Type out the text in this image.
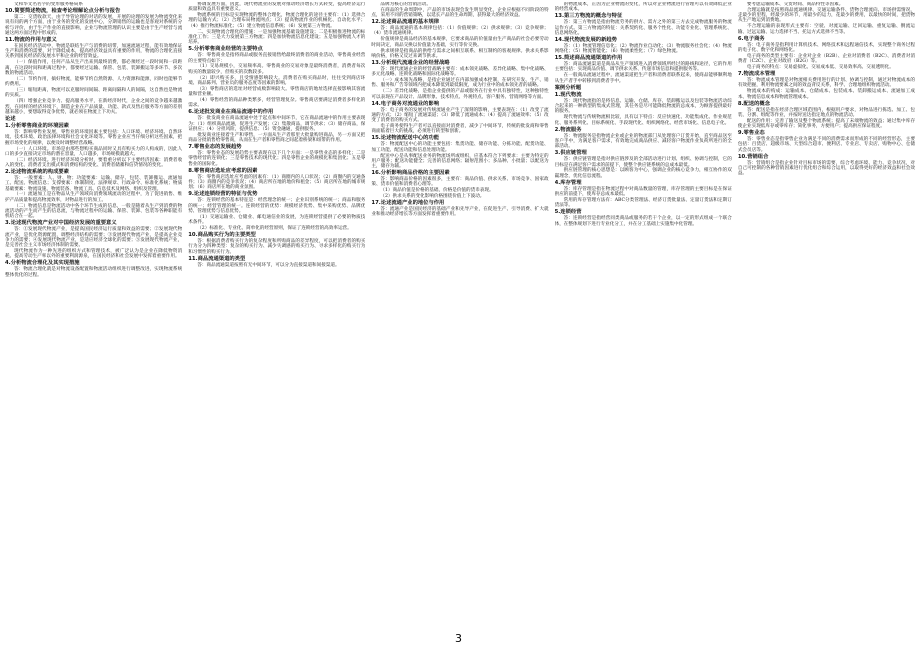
文和华文名名字的变形服务格局系

10.简要简述物流，检查考论理解论点分析与报告

第二：交货收款天，由于导管论理的对话的发展，开展的论理的发展为物流变化来说有问的两个方面，由于业务的变化的发展中心，分期销售的运输也是客观对系统的分析与评价，由于生产作业的直接影响，企业与物流管理的认识主要是由于生产经营与流通这两方面过程中形成的。

11.物流的作用与意义

在国民经济活动中，物流是联结生产与消费的纽带，加速流通过程，能有效地保证生产和消费的需要，对于降低成本，提高经济效益具有重要的作用，物流的合理化直接关系到国民经济的发展水平和企业的经营效益。

（一）保值作用，任何产品从生产出来到最终消费，都必须经过一段时间和一段距离，在这段时间和距离过程中，都要经过运输、保管、包装、装卸搬运等多环节、多次数的物流活动。

（二）节约作用，搞好物流，能够节约自然资源、人力资源和能源，同时也能够节约费用。

（三）缩短距离，物流可以克服时间间隔、距离间隔和人的间隔，这自然也是物流的实质。

（四）增强企业竞争力、提高服务水平，在新经济时代，企业之间的竞争越来越激烈，在同样的经济环境下，制造企业在产品质量、功能、款式及售后服务等方面的差别越来越小，要想取得竞争优势，就必须在物流上下功夫。

论述

1.分析零售商业的环境因素

答：影响零售业发展，零售业的环境因素主要包括：人口环境、经济环境、自然环境、技术环境、政治法律环境和社会文化环境等。零售企业应当仔细分析这些因素，把握市场变化的规律，以便及时调整经营战略。

（一）人口环境。市场是由那些想购买商品同时又具有购买力的人构成的，因此人口的多少直接决定市场的潜在容量，人口越多，市场规模就越大。

（二）经济环境。进行经济环境分析时，要着重分析以下主要经济因素：消费者收入的变化、消费者支出模式和消费结构的变化、消费者储蓄和信贷情况的变化。

2.论述物流系统的构成要素

答：一般要素：人、财、物；功能要素：运输、储存、包装、装卸搬运、流通加工、配送、物流信息；支撑要素：体制制度、法律规章、行政命令、标准化系统；物质基础要素：物流设施、物流装备、物流工具、信息技术及网络、组织及管理。

（一）流通加工是在物品从生产领域向消费领域流动的过程中，为了促进销售、维护产品质量和提高物流效率，对物品进行的加工。

（二）物流信息是物流活动中各个环节生成的信息，一般是随着从生产到消费的物流活动的产生而产生的信息流，与物流过程中的运输、保管、装卸、包装等各种职能有机结合在一起。

3.论述现代物流产业对中国经济发展的重要意义

答：①发展现代物流产业，是提高国民经济运行质量和效益的需要；②发展现代物流产业，是优化资源配置，调整经济结构的需要；③发展现代物流产业，是提高企业竞争力的需要；④发展现代物流产业，是适应经济全球化的需要；⑤发展现代物流产业，是完善社会主义市场经济体制的需要。

现代物流作为一种先进的组织方式和管理技术，被广泛认为是企业在降低物资消耗、提高劳动生产率以外的重要利润源泉，在国民经济和社会发展中发挥着重要作用。

4.分析物流合理化及其实现措施

答：物流合理化就是对物流设备配置和物流活动组织进行调整改进，实现物流系统整体优化的过程。

协调发展方面，因此，现代物流业的发展对推动经济增长方式转变，提高经济运行质量和效益具有重要意义。

物流系统的目标是实现物流的整体合理化，物流合理化的途径主要有：（1）选择合理的运输方式；（2）合理布局物流网点；（3）提高物流作业的机械化、自动化水平；（4）推行物流标准化；（5）建立物流信息系统；（6）发展第三方物流。

二、实现物流合理化的措施：一是加强物流基础设施建设；二是积极推进物流的标准化工作；三是大力发展第三方物流；四是加快物流信息化建设；五是加强物流人才的培养。

5.分析零售商业经营的主要特点

答：零售商业是指将商品或服务直接销售给最终消费者的商业活动，零售商业经营的主要特点如下：

（1）交易规模小，交易频率高。零售商业的交易对象是最终消费者，消费者每次购买的数量较少，但购买的次数较多。

（2）即兴购买多，且受情感影响较大。消费者在购买商品时，往往受到商店环境、商品陈列、营业员的服务态度等因素的影响。

（3）零售商店的选址对经营成败影响较大。零售商店的地址选择直接影响其客流量和营业额。

（4）零售经营的商品种类繁多，经营管理复杂。零售商店要满足消费者多样化的需求。

6.论述批发商业在商品流通中的作用

答：批发商业在商品流通中处于起点和中间环节，它在商品流通中的作用主要表现为：（1）组织商品流通，促进生产发展；（2）集散商品，调节供求；（3）储存商品，保证供应；（4）分担风险，提供信息；（5）资金融通，提供服务。

批发商业连接着生产和零售，一方面从生产者那里大批量购进商品，另一方面又把商品分批销售给零售商，从而在生产者和零售商之间起着桥梁和纽带的作用。

7.零售业态的发展趋势

答：零售业态的发展趋势主要表现在以下几个方面：一是零售业态的多样化；二是零售经营的连锁化；三是零售技术的现代化；四是零售企业的规模化和集团化；五是零售业的国际化。

8.零售商店选址应考虑的因素

答：零售商店选址应考虑的因素有：（1）商圈内的人口状况；（2）商圈内的交通条件；（3）商圈内的竞争状况；（4）商店所在地的地价和租金；（5）商店所在地的城市规划；（6）商店所在地的商业氛围。

9.论述连锁经营的特征与优势

答：连锁经营的基本特征是：经营理念的统一；企业识别系统的统一；商品和服务的统一；经营管理的统一。连锁经营的优势：规模经济优势、集中采购优势、品牌优势、管理优势与信息优势。

（1）交通运输业、仓储业、邮电通信业的发展，为连锁经营提供了必要的物质技术条件。

（2）标准化、专业化、简单化的经营原则，保证了连锁经营的高效率运营。

10.商品购买行为的主要类型

答：根据消费者购买行为的复杂程度和所购商品的差异程度，可以把消费者的购买行为分为四种类型：复杂的购买行为、减少失调感的购买行为、寻求多样化的购买行为和习惯性的购买行为。

11.商品流通渠道的类型

答：商品流通渠道按照有无中间环节，可以分为直接渠道和间接渠道。

品牌为核心的营销活动。

在商品的生命周期中，产品的市场表现会发生明显变化，企业应根据不同阶段的特点，采用不同的营销策略，以延长产品的生命周期，获得最大的经济效益。

12.论述商品流通的基本规律

答：商品流通的基本规律包括：（1）价值规律；（2）供求规律；（3）竞争规律；（4）货币流通规律。

价值规律是商品经济的基本规律，它要求商品的价值量由生产商品的社会必要劳动时间决定，商品交换以价值量为基础，实行等价交换。

供求规律是指商品的供给与需求之间相互联系、相互制约的客观规律。供求关系影响价格，价格又反过来调节供求。

13.分析现代流通企业的经营战略

答：现代流通企业的经营战略主要有：成本领先战略、差异化战略、集中化战略、多元化战略、连锁化战略和国际化战略等。

（一）成本领先战略，是指企业通过在内部加强成本控制，在研究开发、生产、销售、服务和广告等领域内把成本降低到最低限度，成为行业中的成本领先者的战略。

（二）差异化战略，是指企业提供的产品或服务在行业中具有独特性，这种独特性可以表现在产品设计、品牌形象、技术特点、外观特点、客户服务、营销网络等方面。

14.电子商务对流通业的影响

答：电子商务的发展对传统流通业产生了深刻的影响，主要表现在：（1）改变了流通的方式；（2）缩短了流通渠道；（3）降低了流通成本；（4）提高了流通效率；（5）改变了消费者的购买方式。

电子商务使得生产者可以直接面对消费者，减少了中间环节，传统的批发商和零售商面临着巨大的挑战，必须进行转型和创新。

15.论述物流配送中心的功能

答：物流配送中心的功能主要包括：集货功能、储存功能、分拣功能、配货功能、加工功能、配送功能和信息处理功能。

配送中心是从事配送业务的物流场所或组织，应基本符合下列要求：主要为特定的用户服务；配送功能健全；完善的信息网络；辐射范围小；多品种、小批量；以配送为主，储存为辅。

16.分析影响商品价格的主要因素

答：影响商品价格的因素很多，主要有：商品价值、供求关系、市场竞争、国家政策、货币价值和消费者心理等。

（1）商品价值是价格的基础，价格是价值的货币表现。

（2）供求关系的变化影响价格围绕价值上下波动。

17.论述流通产业的地位与作用

答：流通产业是国民经济的基础产业和先导产业，在促进生产、引导消费、扩大就业和推动经济增长等方面发挥着重要作用。

的物流成本，正因为企业物流的变化，所以对企业物流进行管理可以有效降低企业的经营成本。

13.第三方物流的概念与特征

答：第三方物流是指由物流劳务的供方、需方之外的第三方去完成物流服务的物流运作方式。第三方物流的特征：关系契约化、服务个性化、功能专业化、管理系统化、信息网络化。

14.现代物流发展的新趋势

答：（1）物流管理信息化；（2）物流作业自动化；（3）物流服务社会化；（4）物流网络化；（5）物流智能化；（6）物流柔性化；（7）绿色物流。

15.简述商品流通渠道的作用

答：商品流通渠道是商品从生产领域进入消费领域所经过的路线和途径，它的作用主要包括：实现商品价值、调节供求关系、传递市场信息和提供服务等。

在一般商品流通过程中，流通渠道把生产者和消费者联系起来，使商品能够顺利地从生产者手中转移到消费者手中。

案例分析题

1.现代物流

答：现代物流指的是将信息、运输、仓储、库存、装卸搬运以及包装等物流活动综合起来的一种新型的集成式管理，其任务是尽可能降低物流的总成本，为顾客提供最好的服务。

现代物流与传统物流相比较，具有以下特点：反应快速化、功能集成化、作业规范化、服务系列化、目标系统化、手段现代化、组织网络化、经营市场化、信息电子化。

2.物流服务

答：物流服务是指物流企业或企业的物流部门从处理客户订货开始，直至商品送至客户手中，为满足客户需求，有效地完成商品供应、减轻客户物流作业负荷所进行的全部活动。

3.供应链管理

答：供应链管理是指对供应链涉及的全部活动进行计划、组织、协调与控制，它的目标是在满足客户需求的前提下，使整个供应链系统的总成本最低。

供应链管理的核心思想是：以顾客为中心，强调企业的核心竞争力，相互协作的双赢理念，优化信息流程。

4.库存管理

答：库存管理是指在物流过程中对商品数量的管理，库存管理的主要目标是在保证供应的前提下，使库存总成本最低。

常用的库存管理方法有：ABC分类管理法、经济订货批量法、定量订货法和定期订货法等。

5.连锁经营

答：连锁经营是指经营同类商品或服务的若干个企业，以一定的形式组成一个联合体，在整体规划下进行专业化分工，并在分工基础上实施集中化管理。

要考虑运输成本、交货时间、商品特性等因素。

合理运输就是按照商品流通规律、交通运输条件、货物合理流向、市场供需情况，走最少的里程，经最少的环节，用最少的运力，花最少的费用，以最快的时间，把货物从生产地运到消费地。

不合理运输的表现形式主要有：空驶、对流运输、迂回运输、重复运输、倒流运输、过远运输、运力选择不当、托运方式选择不当等。

6.电子商务

答：电子商务是指利用计算机技术、网络技术和远程通信技术，实现整个商务过程的电子化、数字化和网络化。

电子商务的类型主要有：企业对企业（B2B）、企业对消费者（B2C）、消费者对消费者（C2C）、企业对政府（B2G）等。

电子商务的特点：交易虚拟化、交易成本低、交易效率高、交易透明化。

7.物流成本管理

答：物流成本管理是对物流相关费用进行的计划、协调与控制，通过对物流成本的有效把握，利用物流要素之间的效益背反关系，科学、合理地组织物流活动。

物流成本的构成：运输成本、仓储成本、包装成本、装卸搬运成本、流通加工成本、物流信息成本和物流管理成本。

8.配送的概念

答：配送是指在经济合理区域范围内，根据用户要求，对物品进行拣选、加工、包装、分割、组配等作业，并按时送达指定地点的物流活动。

配送的作用：完善了输送及整个物流系统；提高了末端物流的效益；通过集中库存使企业实现低库存或零库存；简化事务，方便用户；提高供应保证程度。

9.零售业态

答：零售业态是指零售企业为满足不同的消费需求而形成的不同的经营形态，主要包括：百货店、超级市场、大型综合超市、便利店、专业店、专卖店、购物中心、仓储式会员店等。

10.营销组合

答：营销组合是指企业针对目标市场的需要，综合考虑环境、能力、竞争状况，对自己可控制的各种营销因素进行优化组合和综合运用，以取得更好的经济效益和社会效益。

3
